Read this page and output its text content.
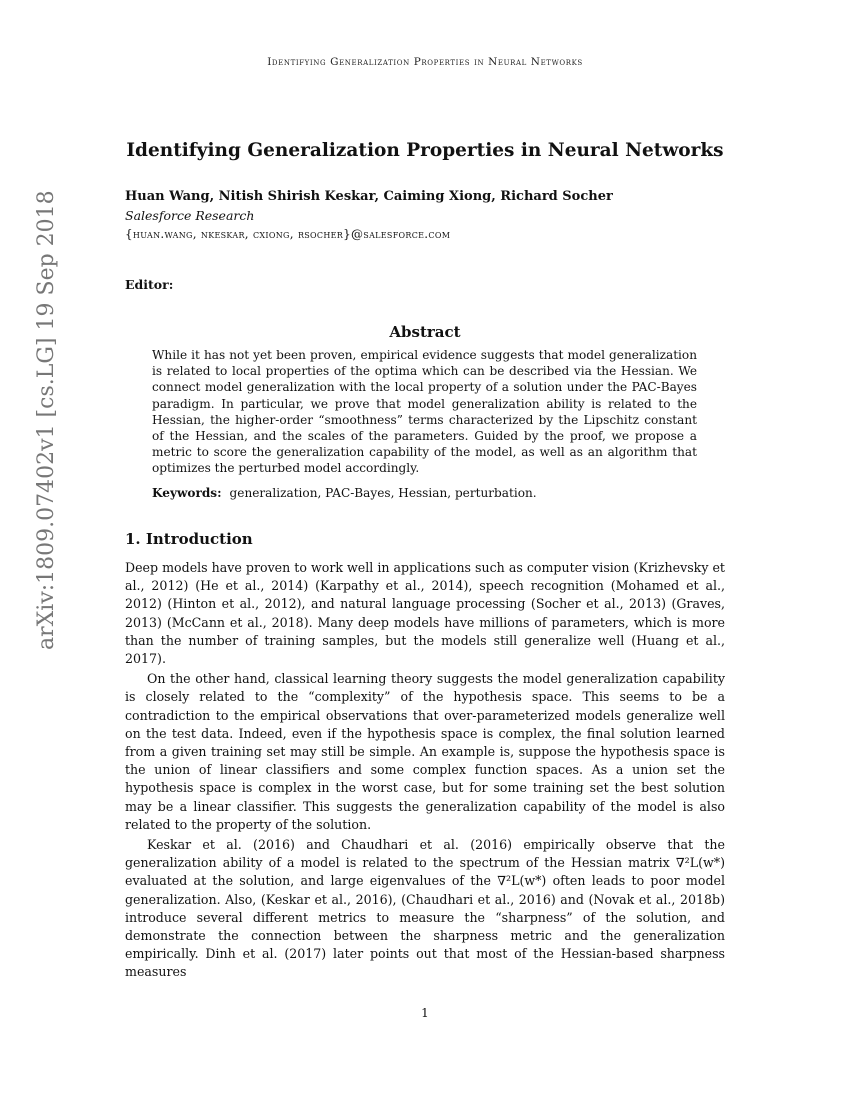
Identifying Generalization Properties in Neural Networks
arXiv:1809.07402v1 [cs.LG] 19 Sep 2018
Identifying Generalization Properties in Neural Networks
Huan Wang, Nitish Shirish Keskar, Caiming Xiong, Richard Socher
Salesforce Research
{huan.wang, nkeskar, cxiong, rsocher}@salesforce.com
Editor:
Abstract
While it has not yet been proven, empirical evidence suggests that model generalization is related to local properties of the optima which can be described via the Hessian. We connect model generalization with the local property of a solution under the PAC-Bayes paradigm. In particular, we prove that model generalization ability is related to the Hessian, the higher-order “smoothness” terms characterized by the Lipschitz constant of the Hessian, and the scales of the parameters. Guided by the proof, we propose a metric to score the generalization capability of the model, as well as an algorithm that optimizes the perturbed model accordingly.
Keywords: generalization, PAC-Bayes, Hessian, perturbation.
1. Introduction

Deep models have proven to work well in applications such as computer vision (Krizhevsky et al., 2012) (He et al., 2014) (Karpathy et al., 2014), speech recognition (Mohamed et al., 2012) (Hinton et al., 2012), and natural language processing (Socher et al., 2013) (Graves, 2013) (McCann et al., 2018). Many deep models have millions of parameters, which is more than the number of training samples, but the models still generalize well (Huang et al., 2017).

On the other hand, classical learning theory suggests the model generalization capability is closely related to the “complexity” of the hypothesis space. This seems to be a contradiction to the empirical observations that over-parameterized models generalize well on the test data. Indeed, even if the hypothesis space is complex, the final solution learned from a given training set may still be simple. An example is, suppose the hypothesis space is the union of linear classifiers and some complex function spaces. As a union set the hypothesis space is complex in the worst case, but for some training set the best solution may be a linear classifier. This suggests the generalization capability of the model is also related to the property of the solution.

Keskar et al. (2016) and Chaudhari et al. (2016) empirically observe that the generalization ability of a model is related to the spectrum of the Hessian matrix ∇²L(w*) evaluated at the solution, and large eigenvalues of the ∇²L(w*) often leads to poor model generalization. Also, (Keskar et al., 2016), (Chaudhari et al., 2016) and (Novak et al., 2018b) introduce several different metrics to measure the “sharpness” of the solution, and demonstrate the connection between the sharpness metric and the generalization empirically. Dinh et al. (2017) later points out that most of the Hessian-based sharpness measures

1
